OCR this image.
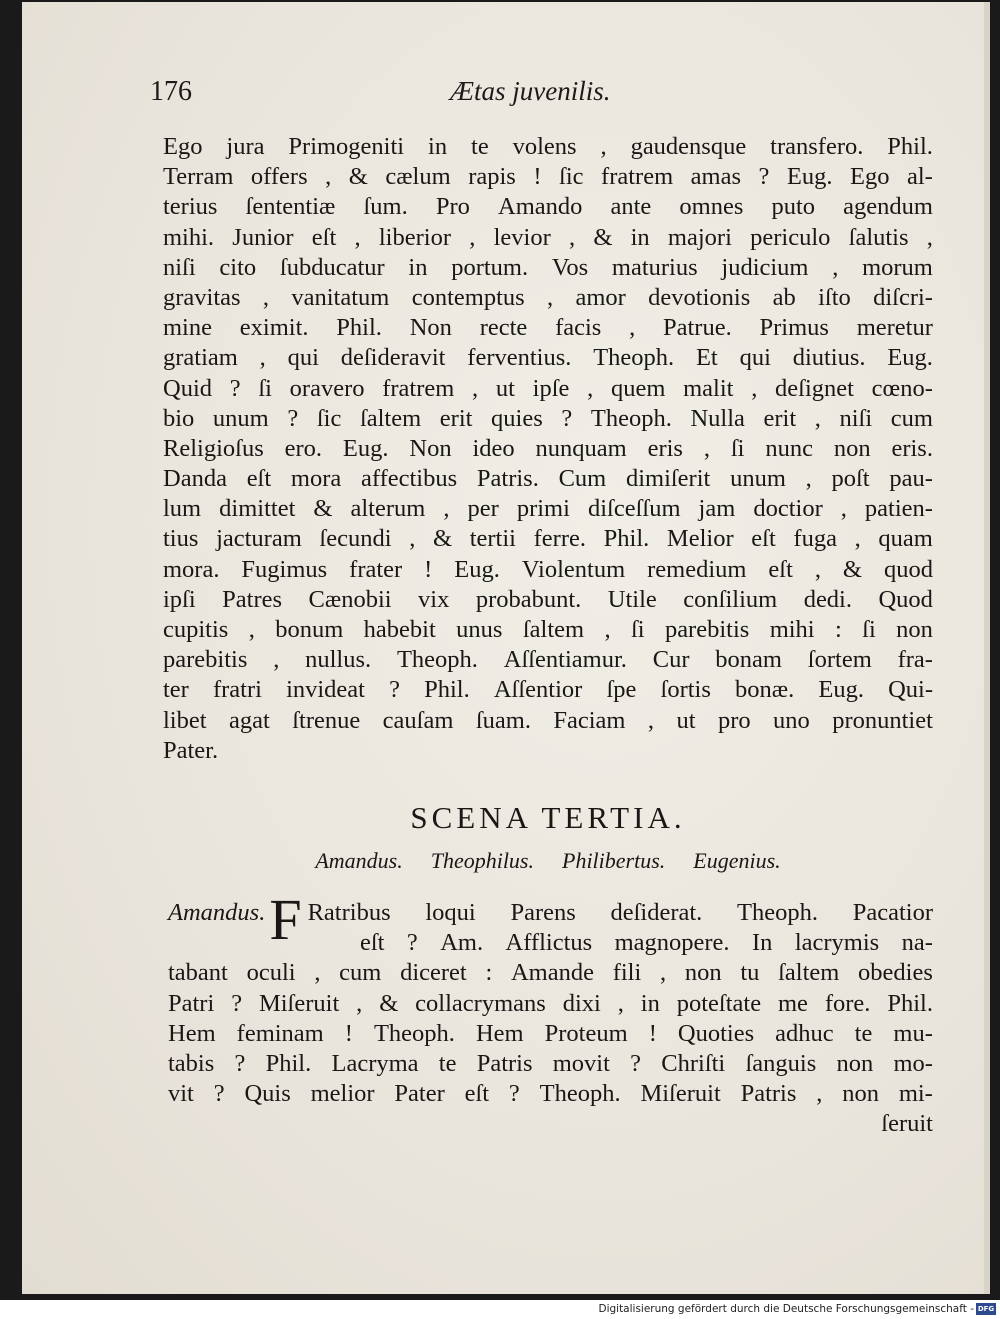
176	Ætas juvenilis.
Ego jura Primogeniti in te volens , gaudensque transfero. Phil.
Terram offers , & cælum rapis ! ſic fratrem amas ? Eug. Ego al-
terius ſententiæ ſum. Pro Amando ante omnes puto agendum
mihi. Junior eſt , liberior , levior , & in majori periculo ſalutis ,
niſi cito ſubducatur in portum. Vos maturius judicium , morum
gravitas , vanitatum contemptus , amor devotionis ab iſto diſcri-
mine eximit. Phil. Non recte facis , Patrue. Primus meretur
gratiam , qui deſideravit ferventius. Theoph. Et qui diutius. Eug.
Quid ? ſi oravero fratrem , ut ipſe , quem malit , deſignet cœno-
bio unum ? ſic ſaltem erit quies ? Theoph. Nulla erit , niſi cum
Religioſus ero. Eug. Non ideo nunquam eris , ſi nunc non eris.
Danda eſt mora affectibus Patris. Cum dimiſerit unum , poſt pau-
lum dimittet & alterum , per primi diſceſſum jam doctior , patien-
tius jacturam ſecundi , & tertii ferre. Phil. Melior eſt fuga , quam
mora. Fugimus frater ! Eug. Violentum remedium eſt , & quod
ipſi Patres Cænobii vix probabunt. Utile conſilium dedi. Quod
cupitis , bonum habebit unus ſaltem , ſi parebitis mihi : ſi non
parebitis , nullus. Theoph. Aſſentiamur. Cur bonam ſortem fra-
ter fratri invideat ? Phil. Aſſentior ſpe ſortis bonæ. Eug. Qui-
libet agat ſtrenue cauſam ſuam. Faciam , ut pro uno pronuntiet
Pater.
SCENA TERTIA.
Amandus. Theophilus. Philibertus. Eugenius.
Amandus. F Ratribus loqui Parens deſiderat. Theoph. Pacatior
eſt ? Am. Afflictus magnopere. In lacrymis na-
tabant oculi , cum diceret : Amande fili , non tu ſaltem obedies
Patri ? Miſeruit , & collacrymans dixi , in poteſtate me fore. Phil.
Hem feminam ! Theoph. Hem Proteum ! Quoties adhuc te mu-
tabis ? Phil. Lacryma te Patris movit ? Chriſti ſanguis non mo-
vit ? Quis melior Pater eſt ? Theoph. Miſeruit Patris , non mi-
ſeruit
Digitalisierung gefördert durch die Deutsche Forschungsgemeinschaft - DFG
